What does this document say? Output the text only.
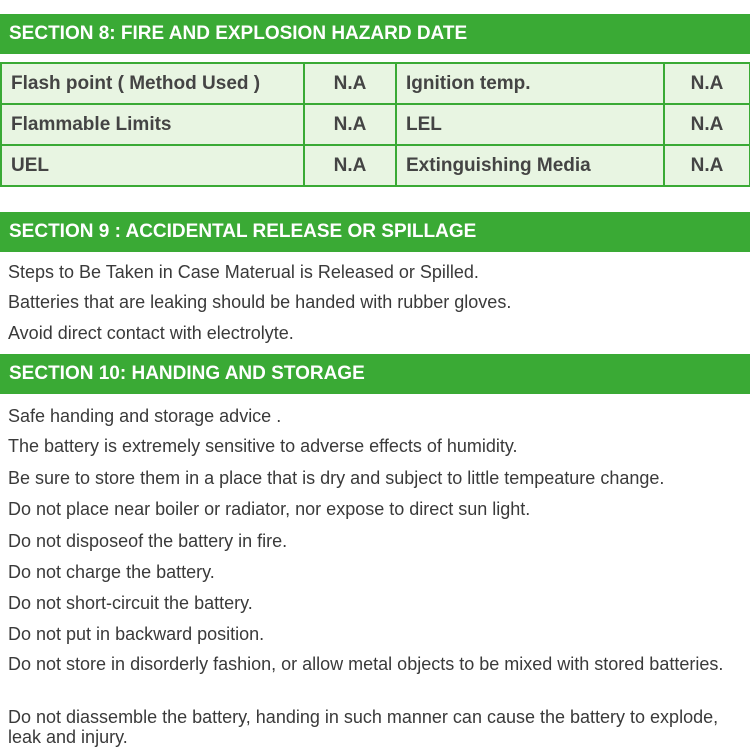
SECTION 8: FIRE AND EXPLOSION HAZARD DATE
Flash point ( Method Used )	N.A	Ignition temp.	N.A
Flammable Limits	N.A	LEL	N.A
UEL	N.A	Extinguishing Media	N.A
SECTION 9 : ACCIDENTAL RELEASE OR SPILLAGE
Steps to Be Taken in Case Materual is Released or Spilled.
Batteries that are leaking should be handed with rubber gloves.
Avoid direct contact with electrolyte.
SECTION 10: HANDING AND STORAGE
Safe handing and storage advice .
The battery is extremely sensitive to adverse effects of humidity.
Be sure to store them in a place that is dry and subject to little tempeature change.
Do not place near boiler or radiator, nor expose to direct sun light.
Do not disposeof the battery in fire.
Do not charge the battery.
Do not short-circuit the battery.
Do not put in backward position.
Do not store in disorderly fashion, or allow metal objects to be mixed with stored batteries.
Do not diassemble the battery, handing in such manner can cause the battery to explode, leak and injury.
